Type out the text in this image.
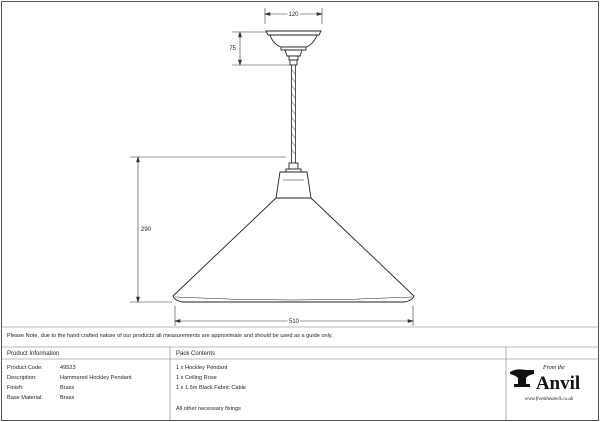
120
75
290
510
Please Note, due to the hand crafted nature of our products all measurements are approximate and should be used as a guide only.
Product Information	Pack Contents
Product Code:	49523
Description:	Hammered Hockley Pendant
Finish:	Brass
Base Material:	Brass
1 x Hockley Pendant
1 x Ceiling Rose
1 x 1.5m Black Fabric Cable
All other necessary fixings
From the
Anvil
www.fromtheanvil.co.uk
